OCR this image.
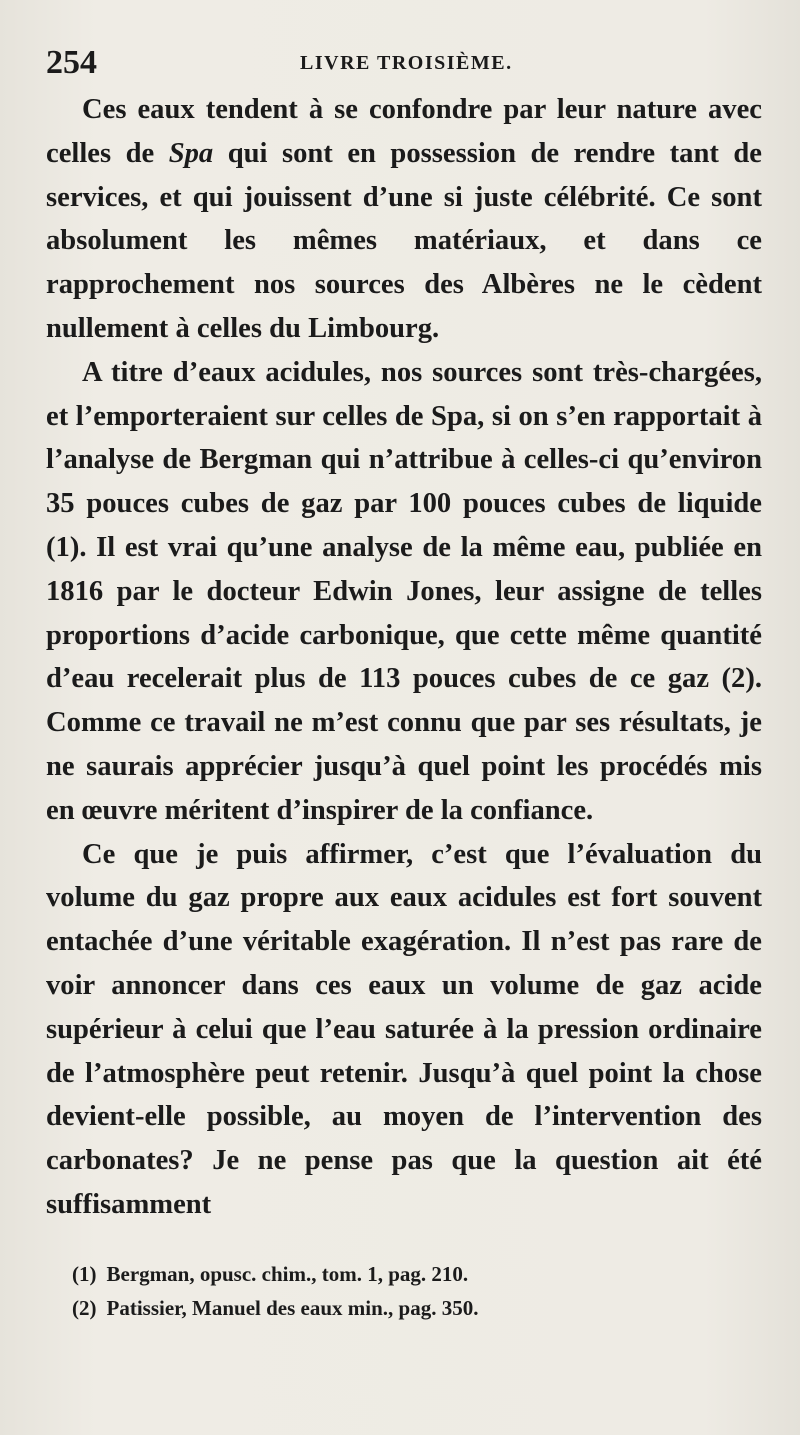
254	LIVRE TROISIÈME.

Ces eaux tendent à se confondre par leur nature avec celles de Spa qui sont en possession de rendre tant de services, et qui jouissent d’une si juste célébrité. Ce sont absolument les mêmes matériaux, et dans ce rapprochement nos sources des Albères ne le cèdent nullement à celles du Limbourg.

A titre d’eaux acidules, nos sources sont très-chargées, et l’emporteraient sur celles de Spa, si on s’en rapportait à l’analyse de Bergman qui n’attribue à celles-ci qu’environ 35 pouces cubes de gaz par 100 pouces cubes de liquide (1). Il est vrai qu’une analyse de la même eau, publiée en 1816 par le docteur Edwin Jones, leur assigne de telles proportions d’acide carbonique, que cette même quantité d’eau recelerait plus de 113 pouces cubes de ce gaz (2). Comme ce travail ne m’est connu que par ses résultats, je ne saurais apprécier jusqu’à quel point les procédés mis en œuvre méritent d’inspirer de la confiance.

Ce que je puis affirmer, c’est que l’évaluation du volume du gaz propre aux eaux acidules est fort souvent entachée d’une véritable exagération. Il n’est pas rare de voir annoncer dans ces eaux un volume de gaz acide supérieur à celui que l’eau saturée à la pression ordinaire de l’atmosphère peut retenir. Jusqu’à quel point la chose devient-elle possible, au moyen de l’intervention des carbonates? Je ne pense pas que la question ait été suffisamment

(1) Bergman, opusc. chim., tom. 1, pag. 210.
(2) Patissier, Manuel des eaux min., pag. 350.
